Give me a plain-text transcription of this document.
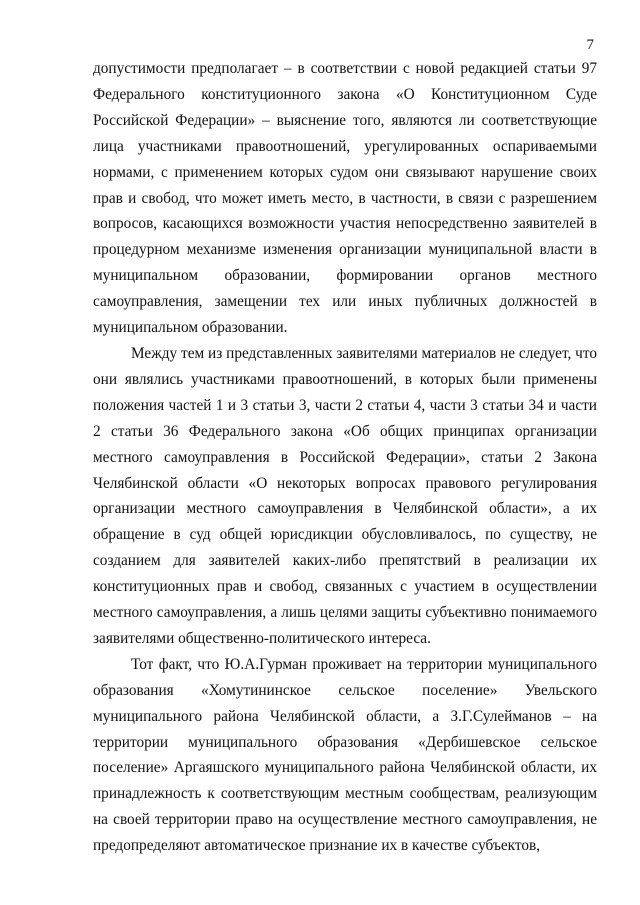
7

допустимости предполагает – в соответствии с новой редакцией статьи 97 Федерального конституционного закона «О Конституционном Суде Российской Федерации» – выяснение того, являются ли соответствующие лица участниками правоотношений, урегулированных оспариваемыми нормами, с применением которых судом они связывают нарушение своих прав и свобод, что может иметь место, в частности, в связи с разрешением вопросов, касающихся возможности участия непосредственно заявителей в процедурном механизме изменения организации муниципальной власти в муниципальном образовании, формировании органов местного самоуправления, замещении тех или иных публичных должностей в муниципальном образовании.

Между тем из представленных заявителями материалов не следует, что они являлись участниками правоотношений, в которых были применены положения частей 1 и 3 статьи 3, части 2 статьи 4, части 3 статьи 34 и части 2 статьи 36 Федерального закона «Об общих принципах организации местного самоуправления в Российской Федерации», статьи 2 Закона Челябинской области «О некоторых вопросах правового регулирования организации местного самоуправления в Челябинской области», а их обращение в суд общей юрисдикции обусловливалось, по существу, не созданием для заявителей каких-либо препятствий в реализации их конституционных прав и свобод, связанных с участием в осуществлении местного самоуправления, а лишь целями защиты субъективно понимаемого заявителями общественно-политического интереса.

Тот факт, что Ю.А.Гурман проживает на территории муниципального образования «Хомутининское сельское поселение» Увельского муниципального района Челябинской области, а З.Г.Сулейманов – на территории муниципального образования «Дербишевское сельское поселение» Аргаяшского муниципального района Челябинской области, их принадлежность к соответствующим местным сообществам, реализующим на своей территории право на осуществление местного самоуправления, не предопределяют автоматическое признание их в качестве субъектов,
